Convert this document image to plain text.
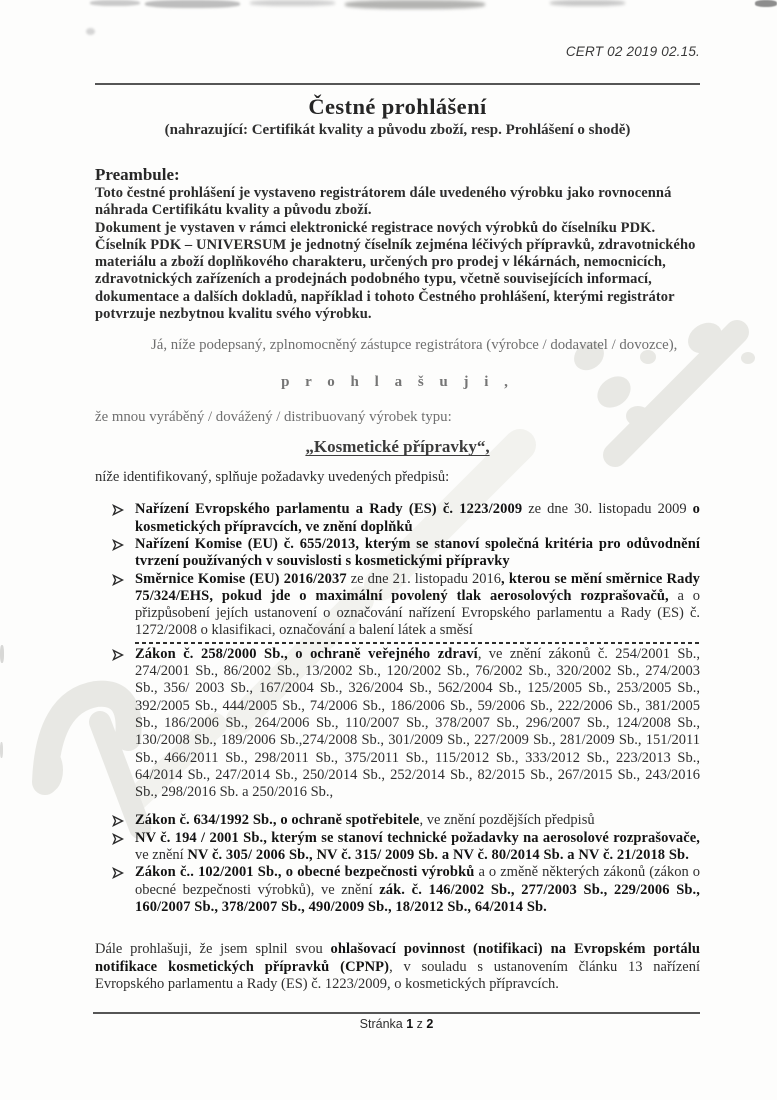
CERT 02 2019 02.15.
Čestné prohlášení
(nahrazující: Certifikát kvality a původu zboží, resp. Prohlášení o shodě)
Preambule:
Toto čestné prohlášení je vystaveno registrátorem dále uvedeného výrobku jako rovnocenná náhrada Certifikátu kvality a původu zboží.
Dokument je vystaven v rámci elektronické registrace nových výrobků do číselníku PDK.
Číselník PDK – UNIVERSUM je jednotný číselník zejména léčivých přípravků, zdravotnického materiálu a zboží doplňkového charakteru, určených pro prodej v lékárnách, nemocnicích, zdravotnických zařízeních a prodejnách podobného typu, včetně souvisejících informací, dokumentace a dalších dokladů, například i tohoto Čestného prohlášení, kterými registrátor potvrzuje nezbytnou kvalitu svého výrobku.
Já, níže podepsaný, zplnomocněný zástupce registrátora (výrobce / dodavatel / dovozce),
p r o h l a š u j i ,
že mnou vyráběný / dovážený / distribuovaný výrobek typu:
„Kosmetické přípravky“,
níže identifikovaný, splňuje požadavky uvedených předpisů:
Nařízení Evropského parlamentu a Rady (ES) č. 1223/2009 ze dne 30. listopadu 2009 o kosmetických přípravcích, ve znění doplňků
Nařízení Komise (EU) č. 655/2013, kterým se stanoví společná kritéria pro odůvodnění tvrzení používaných v souvislosti s kosmetickými přípravky
Směrnice Komise (EU) 2016/2037 ze dne 21. listopadu 2016, kterou se mění směrnice Rady 75/324/EHS, pokud jde o maximální povolený tlak aerosolových rozprašovačů, a o přizpůsobení jejích ustanovení o označování nařízení Evropského parlamentu a Rady (ES) č. 1272/2008 o klasifikaci, označování a balení látek a směsí
Zákon č. 258/2000 Sb., o ochraně veřejného zdraví, ve znění zákonů č. 254/2001 Sb., 274/2001 Sb., 86/2002 Sb., 13/2002 Sb., 120/2002 Sb., 76/2002 Sb., 320/2002 Sb., 274/2003 Sb., 356/ 2003 Sb., 167/2004 Sb., 326/2004 Sb., 562/2004 Sb., 125/2005 Sb., 253/2005 Sb., 392/2005 Sb., 444/2005 Sb., 74/2006 Sb., 186/2006 Sb., 59/2006 Sb., 222/2006 Sb., 381/2005 Sb., 186/2006 Sb., 264/2006 Sb., 110/2007 Sb., 378/2007 Sb., 296/2007 Sb., 124/2008 Sb., 130/2008 Sb., 189/2006 Sb.,274/2008 Sb., 301/2009 Sb., 227/2009 Sb., 281/2009 Sb., 151/2011 Sb., 466/2011 Sb., 298/2011 Sb., 375/2011 Sb., 115/2012 Sb., 333/2012 Sb., 223/2013 Sb., 64/2014 Sb., 247/2014 Sb., 250/2014 Sb., 252/2014 Sb., 82/2015 Sb., 267/2015 Sb., 243/2016 Sb., 298/2016 Sb. a 250/2016 Sb.,
Zákon č. 634/1992 Sb., o ochraně spotřebitele, ve znění pozdějších předpisů
NV č. 194 / 2001 Sb., kterým se stanoví technické požadavky na aerosolové rozprašovače, ve znění NV č. 305/ 2006 Sb., NV č. 315/ 2009 Sb. a NV č. 80/2014 Sb. a NV č. 21/2018 Sb.
Zákon č.. 102/2001 Sb., o obecné bezpečnosti výrobků a o změně některých zákonů (zákon o obecné bezpečnosti výrobků), ve znění zák. č. 146/2002 Sb., 277/2003 Sb., 229/2006 Sb., 160/2007 Sb., 378/2007 Sb., 490/2009 Sb., 18/2012 Sb., 64/2014 Sb.
Dále prohlašuji, že jsem splnil svou ohlašovací povinnost (notifikaci) na Evropském portálu notifikace kosmetických přípravků (CPNP), v souladu s ustanovením článku 13 nařízení Evropského parlamentu a Rady (ES) č. 1223/2009, o kosmetických přípravcích.
Stránka 1 z 2
